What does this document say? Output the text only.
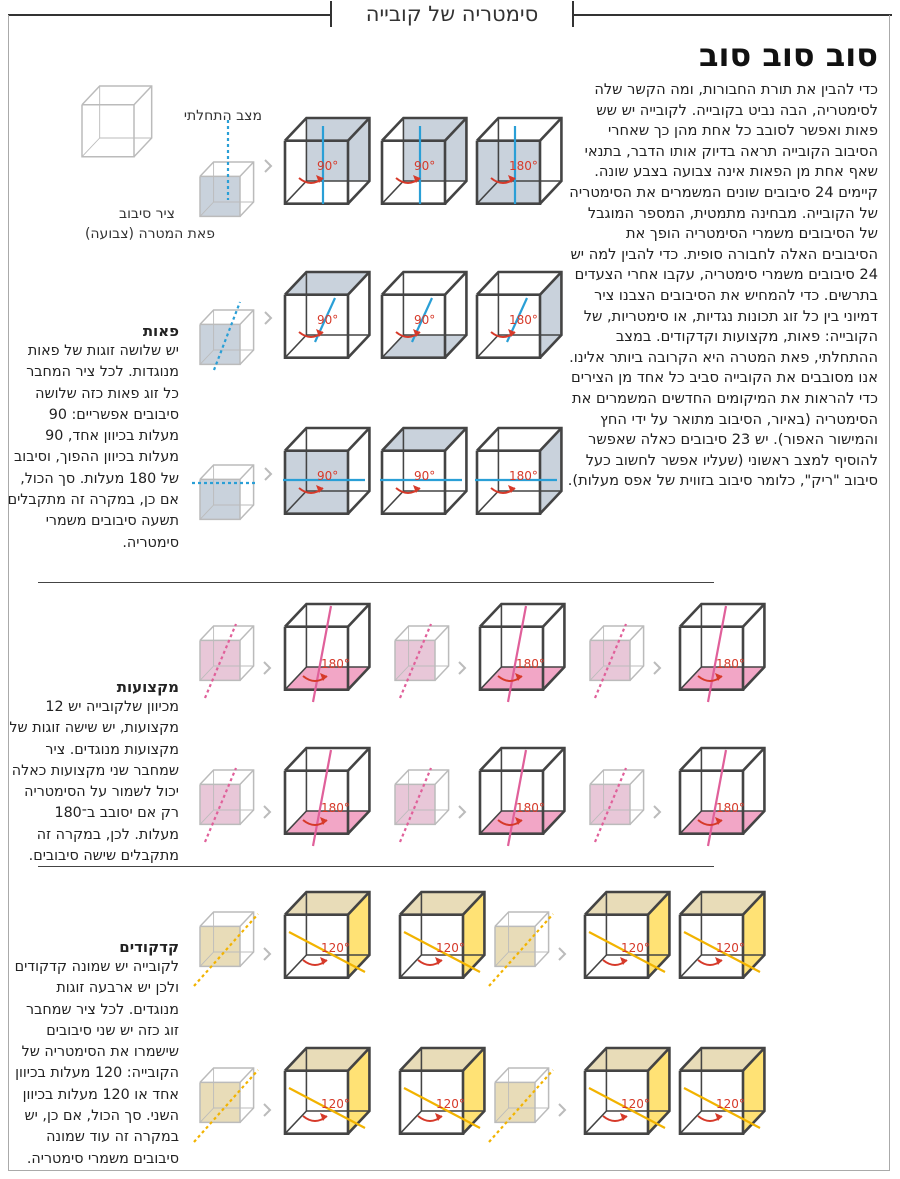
סימטריה של קובייה
90°	90°	180°
90°	90°	180°
90°	90°	180°
180°	180°	180°
180°	180°	180°
120°	120°	120°	120°
120°	120°	120°	120°
סוב סוב סוב
כדי להבין את תורת החבורות, ומה הקשר שלה לסימטריה, הבה נביט בקובייה. לקובייה יש שש פאות ואפשר לסובב כל אחת מהן כך שאחרי הסיבוב הקובייה תראה בדיוק אותו הדבר, בתנאי שאף אחת מן הפאות אינה צבועה בצבע שונה. קיימים 24 סיבובים שונים המשמרים את הסימטריה של הקובייה. מבחינה מתמטית, המספר המוגבל של הסיבובים משמרי הסימטריה הופך את הסיבובים האלה לחבורה סופית. כדי להבין למה יש 24 סיבובים משמרי סימטריה, עקבו אחרי הצעדים בתרשים. כדי להמחיש את הסיבובים הצבנו ציר דמיוני בין כל זוג תכונות נגדיות, או סימטריות, של הקובייה: פאות, מקצועות וקדקודים. במצב ההתחלתי, פאת המטרה היא הקרובה ביותר אלינו. אנו מסובבים את הקובייה סביב כל אחד מן הצירים כדי להראות את המיקומים החדשים המשמרים את הסימטריה (באיור, הסיבוב מתואר על ידי החץ והמישור האפור). יש 23 סיבובים כאלה שאפשר להוסיף למצב ראשוני (שעליו אפשר לחשוב כעל סיבוב "ריק", כלומר סיבוב בזווית של אפס מעלות).
מצב התחלתי
ציר סיבוב
פאת המטרה (צבועה)
פאות
יש שלושה זוגות של פאות מנוגדות. לכל ציר המחבר כל זוג פאות כזה שלושה סיבובים אפשריים: 90 מעלות בכיוון אחד, 90 מעלות בכיוון ההפוך, וסיבוב של 180 מעלות. סך הכול, אם כן, במקרה זה מתקבלים תשעה סיבובים משמרי סימטריה.
מקצועות
מכיוון שלקובייה יש 12 מקצועות, יש שישה זוגות של מקצועות מנוגדים. ציר שמחבר שני מקצועות כאלה יכול לשמור על הסימטריה רק אם יסובב ב־180 מעלות. לכן, במקרה זה מתקבלים שישה סיבובים.
קדקודים
לקובייה יש שמונה קדקודים ולכן יש ארבעה זוגות מנוגדים. לכל ציר שמחבר זוג כזה יש שני סיבובים שישמרו את הסימטריה של הקובייה: 120 מעלות בכיוון אחד או 120 מעלות בכיוון השני. סך הכול, אם כן, יש במקרה זה עוד שמונה סיבובים משמרי סימטריה.
